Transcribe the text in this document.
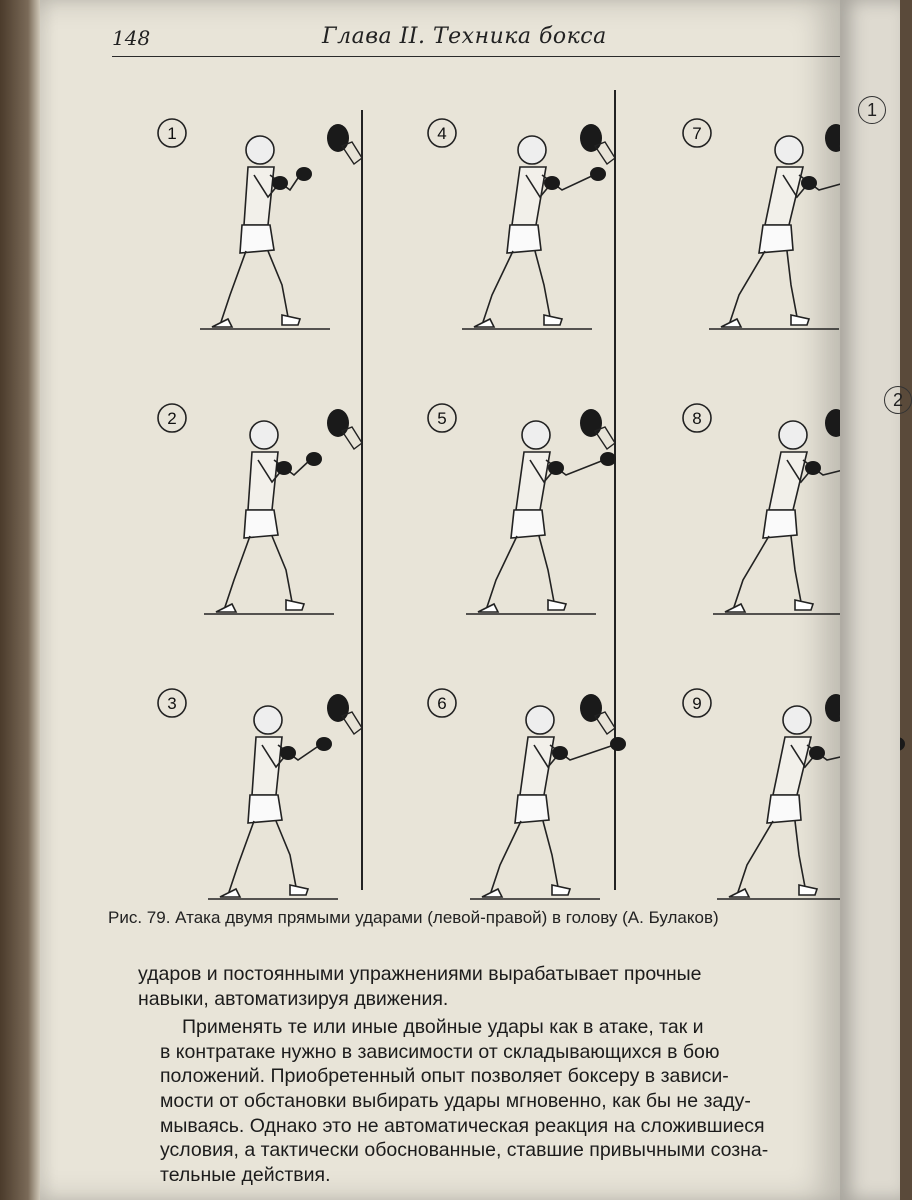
148	Глава II. Техника бокса
1
2
3
4
5
6
7
8
9
Рис. 79. Атака двумя прямыми ударами (левой-правой) в голову (А. Булаков)

ударов и постоянными упражнениями вырабатывает прочные
навыки, автоматизируя движения.

Применять те или иные двойные удары как в атаке, так и
в контратаке нужно в зависимости от складывающихся в бою
положений. Приобретенный опыт позволяет боксеру в зависи-
мости от обстановки выбирать удары мгновенно, как бы не заду-
мываясь. Однако это не автоматическая реакция на сложившиеся
условия, а тактически обоснованные, ставшие привычными созна-
тельные действия.

1
2
